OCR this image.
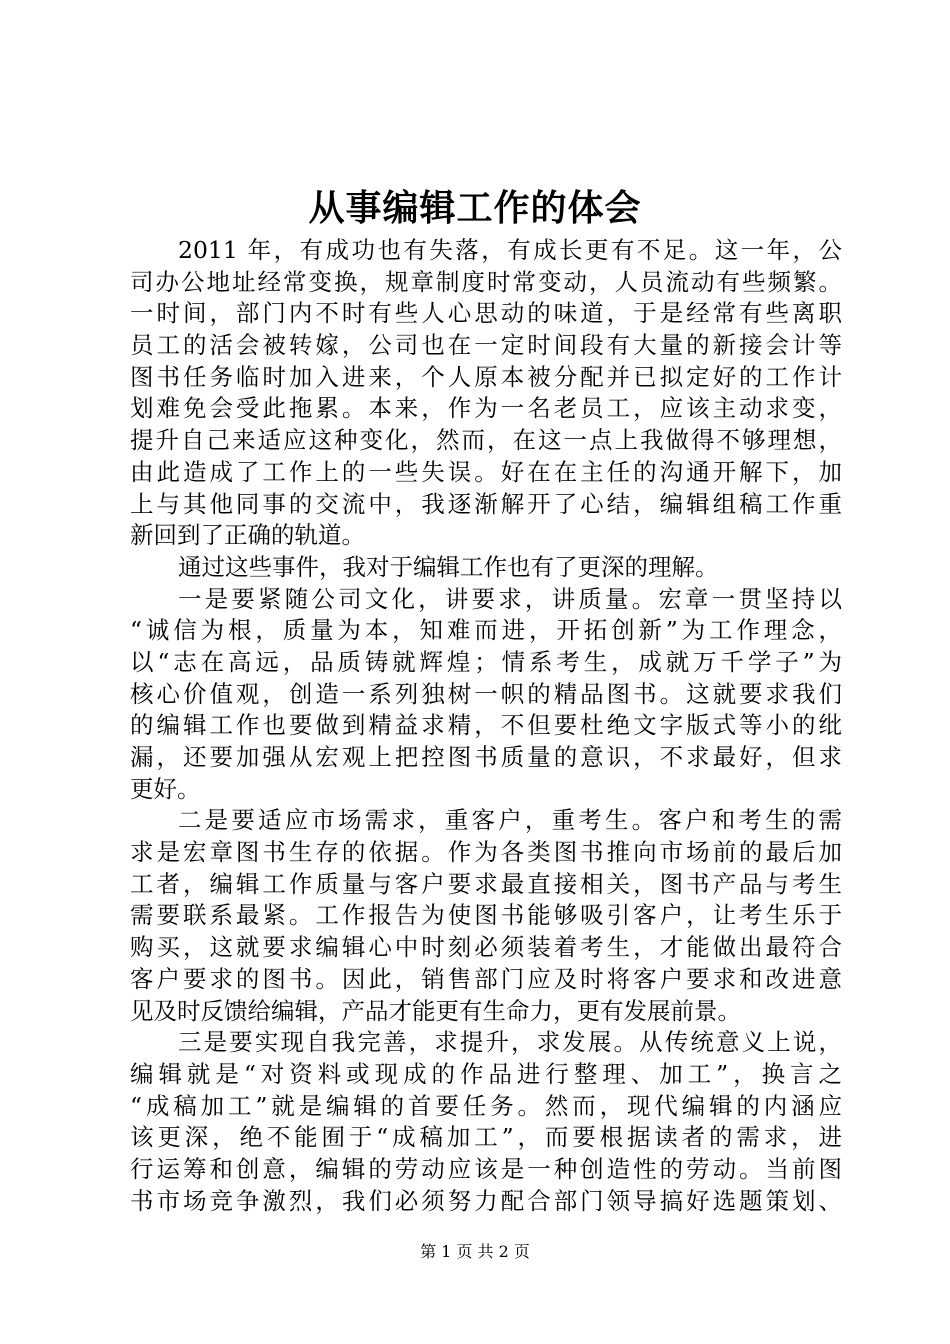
从事编辑工作的体会
2011 年，有成功也有失落，有成长更有不足。这一年，公
司办公地址经常变换，规章制度时常变动，人员流动有些频繁。
一时间，部门内不时有些人心思动的味道，于是经常有些离职
员工的活会被转嫁，公司也在一定时间段有大量的新接会计等
图书任务临时加入进来，个人原本被分配并已拟定好的工作计
划难免会受此拖累。本来，作为一名老员工，应该主动求变，
提升自己来适应这种变化，然而，在这一点上我做得不够理想，
由此造成了工作上的一些失误。好在在主任的沟通开解下，加
上与其他同事的交流中，我逐渐解开了心结，编辑组稿工作重
新回到了正确的轨道。
通过这些事件，我对于编辑工作也有了更深的理解。
一是要紧随公司文化，讲要求，讲质量。宏章一贯坚持以
“诚信为根，质量为本，知难而进，开拓创新”为工作理念，
以“志在高远，品质铸就辉煌；情系考生，成就万千学子”为
核心价值观，创造一系列独树一帜的精品图书。这就要求我们
的编辑工作也要做到精益求精，不但要杜绝文字版式等小的纰
漏，还要加强从宏观上把控图书质量的意识，不求最好，但求
更好。
二是要适应市场需求，重客户，重考生。客户和考生的需
求是宏章图书生存的依据。作为各类图书推向市场前的最后加
工者，编辑工作质量与客户要求最直接相关，图书产品与考生
需要联系最紧。工作报告为使图书能够吸引客户，让考生乐于
购买，这就要求编辑心中时刻必须装着考生，才能做出最符合
客户要求的图书。因此，销售部门应及时将客户要求和改进意
见及时反馈给编辑，产品才能更有生命力，更有发展前景。
三是要实现自我完善，求提升，求发展。从传统意义上说，
编辑就是“对资料或现成的作品进行整理、加工”，换言之
“成稿加工”就是编辑的首要任务。然而，现代编辑的内涵应
该更深，绝不能囿于“成稿加工”，而要根据读者的需求，进
行运筹和创意，编辑的劳动应该是一种创造性的劳动。当前图
书市场竞争激烈，我们必须努力配合部门领导搞好选题策划、
第 1 页 共 2 页
